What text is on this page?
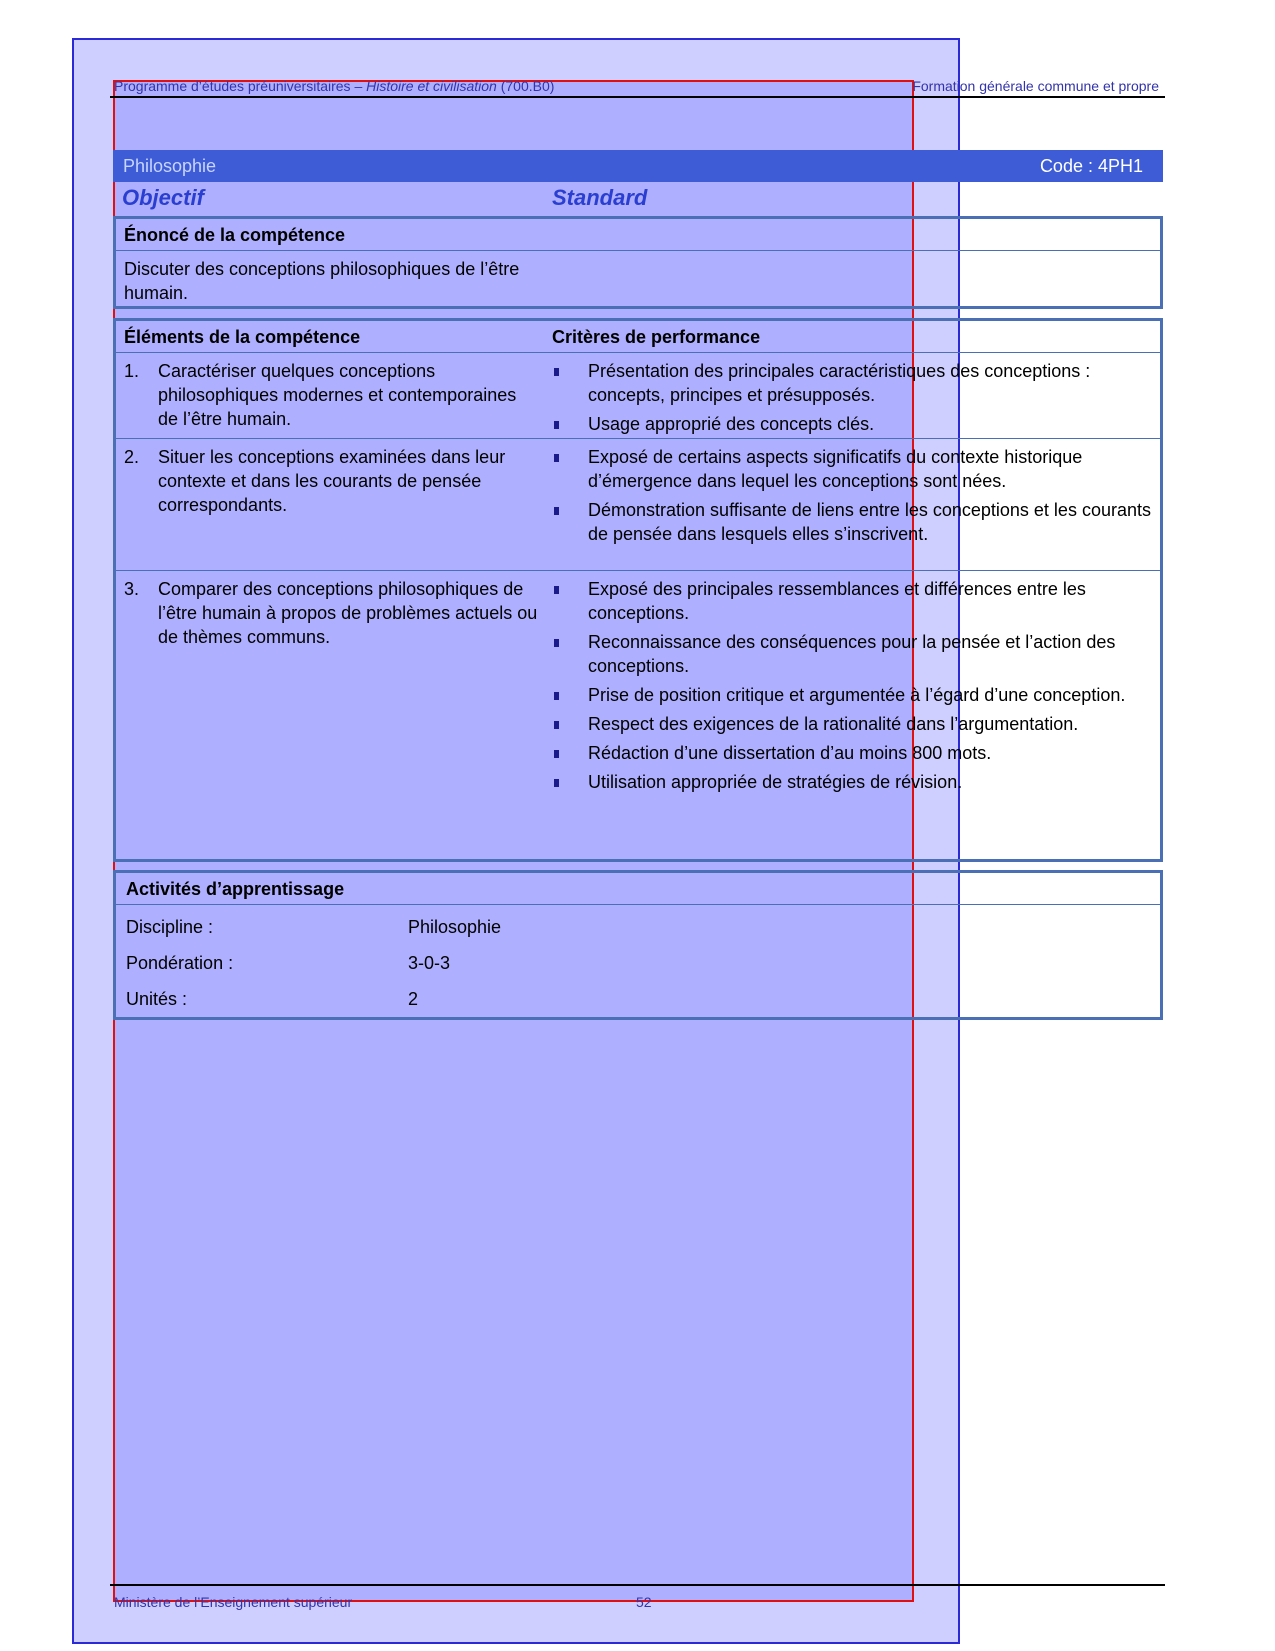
Programme d’études préuniversitaires – Histoire et civilisation (700.B0)	Formation générale commune et propre
Philosophie	Code : 4PH1
Objectif	Standard
Énoncé de la compétence
Discuter des conceptions philosophiques de l’être humain.
Éléments de la compétence	Critères de performance
1. Caractériser quelques conceptions philosophiques modernes et contemporaines de l’être humain.
Présentation des principales caractéristiques des conceptions : concepts, principes et présupposés.
Usage approprié des concepts clés.
2. Situer les conceptions examinées dans leur contexte et dans les courants de pensée correspondants.
Exposé de certains aspects significatifs du contexte historique d’émergence dans lequel les conceptions sont nées.
Démonstration suffisante de liens entre les conceptions et les courants de pensée dans lesquels elles s’inscrivent.
3. Comparer des conceptions philosophiques de l’être humain à propos de problèmes actuels ou de thèmes communs.
Exposé des principales ressemblances et différences entre les conceptions.
Reconnaissance des conséquences pour la pensée et l’action des conceptions.
Prise de position critique et argumentée à l’égard d’une conception.
Respect des exigences de la rationalité dans l’argumentation.
Rédaction d’une dissertation d’au moins 800 mots.
Utilisation appropriée de stratégies de révision.
Activités d’apprentissage
Discipline :	Philosophie
Pondération :	3-0-3
Unités :	2
Ministère de l’Enseignement supérieur	52
